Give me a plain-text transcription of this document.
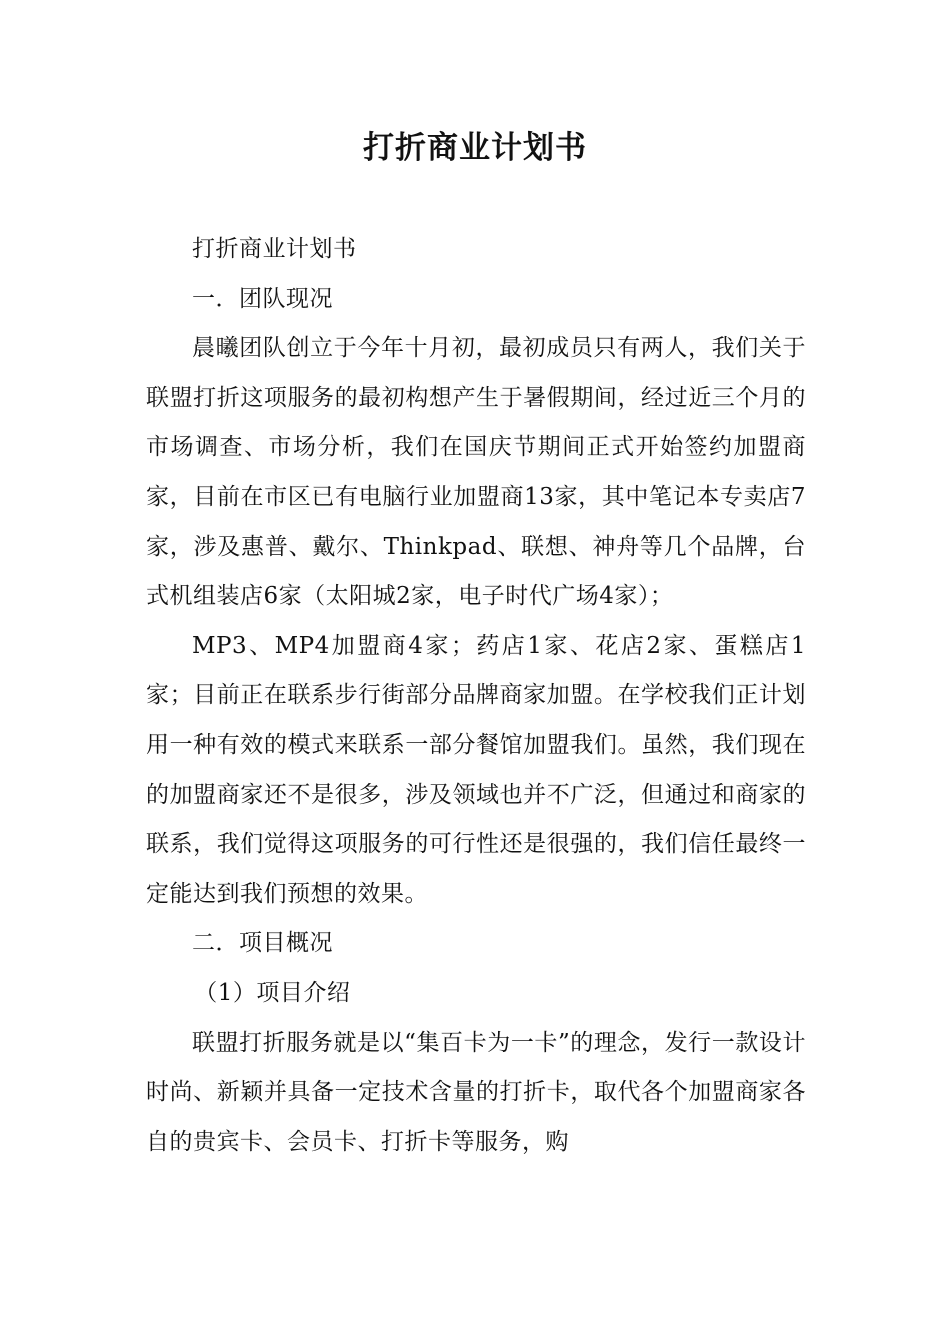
打折商业计划书

打折商业计划书

一．团队现况

晨曦团队创立于今年十月初，最初成员只有两人，我们关于联盟打折这项服务的最初构想产生于暑假期间，经过近三个月的市场调查、市场分析，我们在国庆节期间正式开始签约加盟商家，目前在市区已有电脑行业加盟商13家，其中笔记本专卖店7家，涉及惠普、戴尔、Thinkpad、联想、神舟等几个品牌，台式机组装店6家（太阳城2家，电子时代广场4家）；

MP3、MP4加盟商4家；药店1家、花店2家、蛋糕店1家；目前正在联系步行街部分品牌商家加盟。在学校我们正计划用一种有效的模式来联系一部分餐馆加盟我们。虽然，我们现在的加盟商家还不是很多，涉及领域也并不广泛，但通过和商家的联系，我们觉得这项服务的可行性还是很强的，我们信任最终一定能达到我们预想的效果。

二．项目概况

（1）项目介绍

联盟打折服务就是以“集百卡为一卡”的理念，发行一款设计时尚、新颖并具备一定技术含量的打折卡，取代各个加盟商家各自的贵宾卡、会员卡、打折卡等服务，购
